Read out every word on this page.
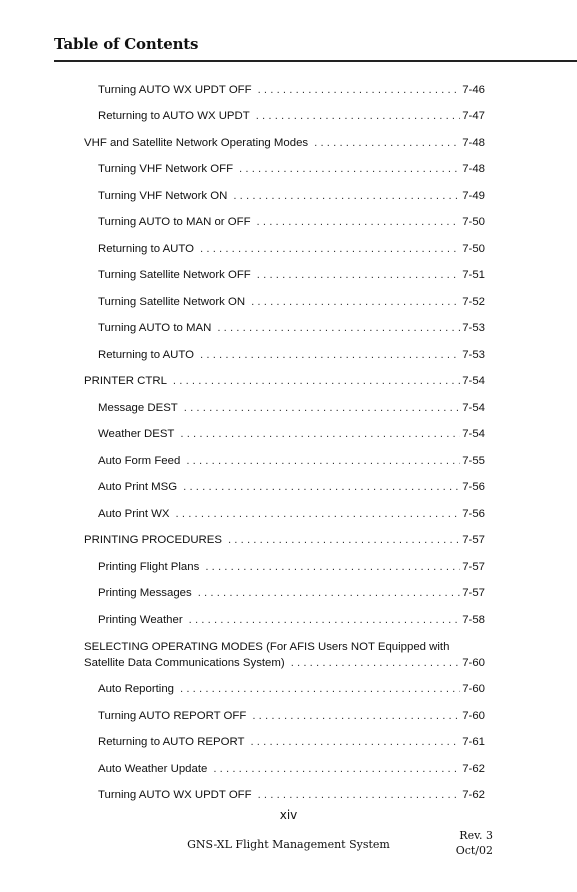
Table of Contents
Turning AUTO WX UPDT OFF . . .	7-46
Returning to AUTO WX UPDT . . .	7-47
VHF and Satellite Network Operating Modes . . .	7-48
Turning VHF Network OFF . . .	7-48
Turning VHF Network ON . . .	7-49
Turning AUTO to MAN or OFF . . .	7-50
Returning to AUTO . . .	7-50
Turning Satellite Network OFF . . .	7-51
Turning Satellite Network ON . . .	7-52
Turning AUTO to MAN . . .	7-53
Returning to AUTO . . .	7-53
PRINTER CTRL . . .	7-54
Message DEST . . .	7-54
Weather DEST . . .	7-54
Auto Form Feed . . .	7-55
Auto Print MSG . . .	7-56
Auto Print WX . . .	7-56
PRINTING PROCEDURES . . .	7-57
Printing Flight Plans . . .	7-57
Printing Messages . . .	7-57
Printing Weather . . .	7-58
SELECTING OPERATING MODES (For AFIS Users NOT Equipped with
Satellite Data Communications System) . . .	7-60
Auto Reporting . . .	7-60
Turning AUTO REPORT OFF . . .	7-60
Returning to AUTO REPORT . . .	7-61
Auto Weather Update . . .	7-62
Turning AUTO WX UPDT OFF . . .	7-62
xiv
GNS-XL Flight Management System
Rev. 3
Oct/02
